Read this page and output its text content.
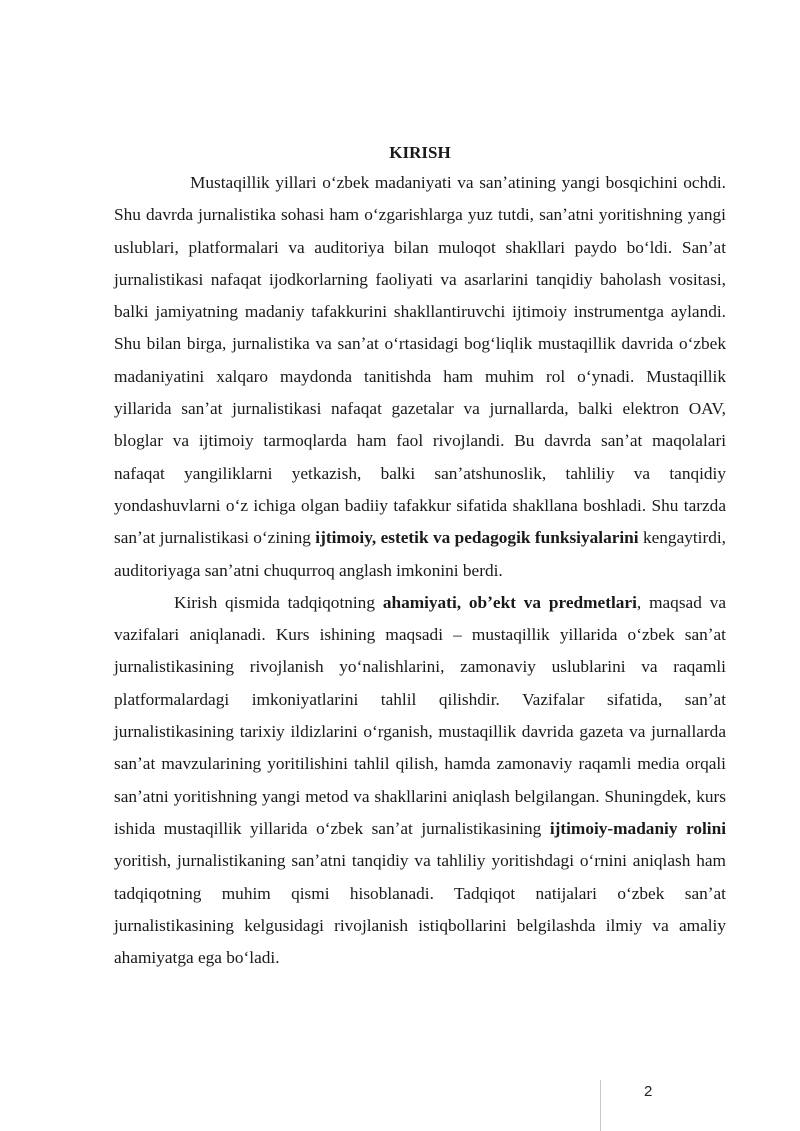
KIRISH

Mustaqillik yillari oʻzbek madaniyati va sanʼatining yangi bosqichini ochdi. Shu davrda jurnalistika sohasi ham oʻzgarishlarga yuz tutdi, sanʼatni yoritishning yangi uslublari, platformalari va auditoriya bilan muloqot shakllari paydo boʻldi. Sanʼat jurnalistikasi nafaqat ijodkorlarning faoliyati va asarlarini tanqidiy baholash vositasi, balki jamiyatning madaniy tafakkurini shakllantiruvchi ijtimoiy instrumentga aylandi. Shu bilan birga, jurnalistika va sanʼat oʻrtasidagi bogʻliqlik mustaqillik davrida oʻzbek madaniyatini xalqaro maydonda tanitishda ham muhim rol oʻynadi. Mustaqillik yillarida sanʼat jurnalistikasi nafaqat gazetalar va jurnallarda, balki elektron OAV, bloglar va ijtimoiy tarmoqlarda ham faol rivojlandi. Bu davrda sanʼat maqolalari nafaqat yangiliklarni yetkazish, balki sanʼatshunoslik, tahliliy va tanqidiy yondashuvlarni oʻz ichiga olgan badiiy tafakkur sifatida shakllana boshladi. Shu tarzda sanʼat jurnalistikasi oʻzining ijtimoiy, estetik va pedagogik funksiyalarini kengaytirdi, auditoriyaga sanʼatni chuqurroq anglash imkonini berdi.

Kirish qismida tadqiqotning ahamiyati, obʼekt va predmetlari, maqsad va vazifalari aniqlanadi. Kurs ishining maqsadi – mustaqillik yillarida oʻzbek sanʼat jurnalistikasining rivojlanish yoʻnalishlarini, zamonaviy uslublarini va raqamli platformalardagi imkoniyatlarini tahlil qilishdir. Vazifalar sifatida, sanʼat jurnalistikasining tarixiy ildizlarini oʻrganish, mustaqillik davrida gazeta va jurnallarda sanʼat mavzularining yoritilishini tahlil qilish, hamda zamonaviy raqamli media orqali sanʼatni yoritishning yangi metod va shakllarini aniqlash belgilangan. Shuningdek, kurs ishida mustaqillik yillarida oʻzbek sanʼat jurnalistikasining ijtimoiy-madaniy rolini yoritish, jurnalistikaning sanʼatni tanqidiy va tahliliy yoritishdagi oʻrnini aniqlash ham tadqiqotning muhim qismi hisoblanadi. Tadqiqot natijalari oʻzbek sanʼat jurnalistikasining kelgusidagi rivojlanish istiqbollarini belgilashda ilmiy va amaliy ahamiyatga ega boʻladi.

2
